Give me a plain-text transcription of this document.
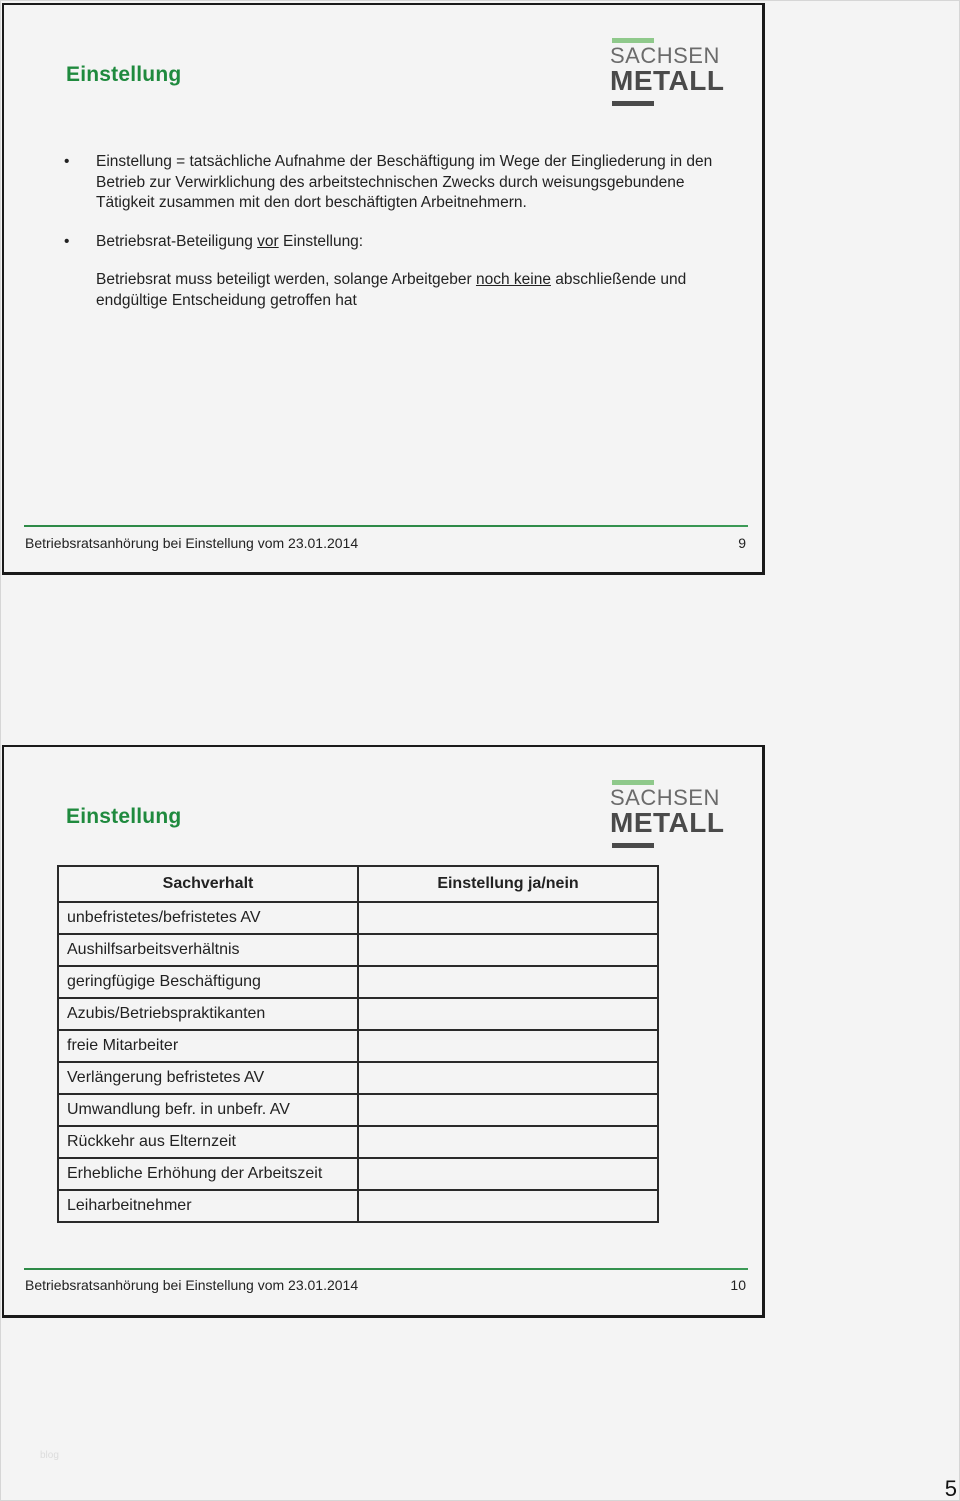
Einstellung
SACHSEN
METALL
• Einstellung = tatsächliche Aufnahme der Beschäftigung im Wege der Eingliederung in den Betrieb zur Verwirklichung des arbeitstechnischen Zwecks durch weisungsgebundene Tätigkeit zusammen mit den dort beschäftigten Arbeitnehmern.

• Betriebsrat-Beteiligung vor Einstellung:

Betriebsrat muss beteiligt werden, solange Arbeitgeber noch keine abschließende und endgültige Entscheidung getroffen hat

Betriebsratsanhörung bei Einstellung vom 23.01.2014	9
Einstellung
SACHSEN
METALL
Sachverhalt	Einstellung ja/nein
unbefristetes/befristetes AV	
Aushilfsarbeitsverhältnis	
geringfügige Beschäftigung	
Azubis/Betriebspraktikanten	
freie Mitarbeiter	
Verlängerung befristetes AV	
Umwandlung befr. in unbefr. AV	
Rückkehr aus Elternzeit	
Erhebliche Erhöhung der Arbeitszeit	
Leiharbeitnehmer	
Betriebsratsanhörung bei Einstellung vom 23.01.2014	10
blog
5
